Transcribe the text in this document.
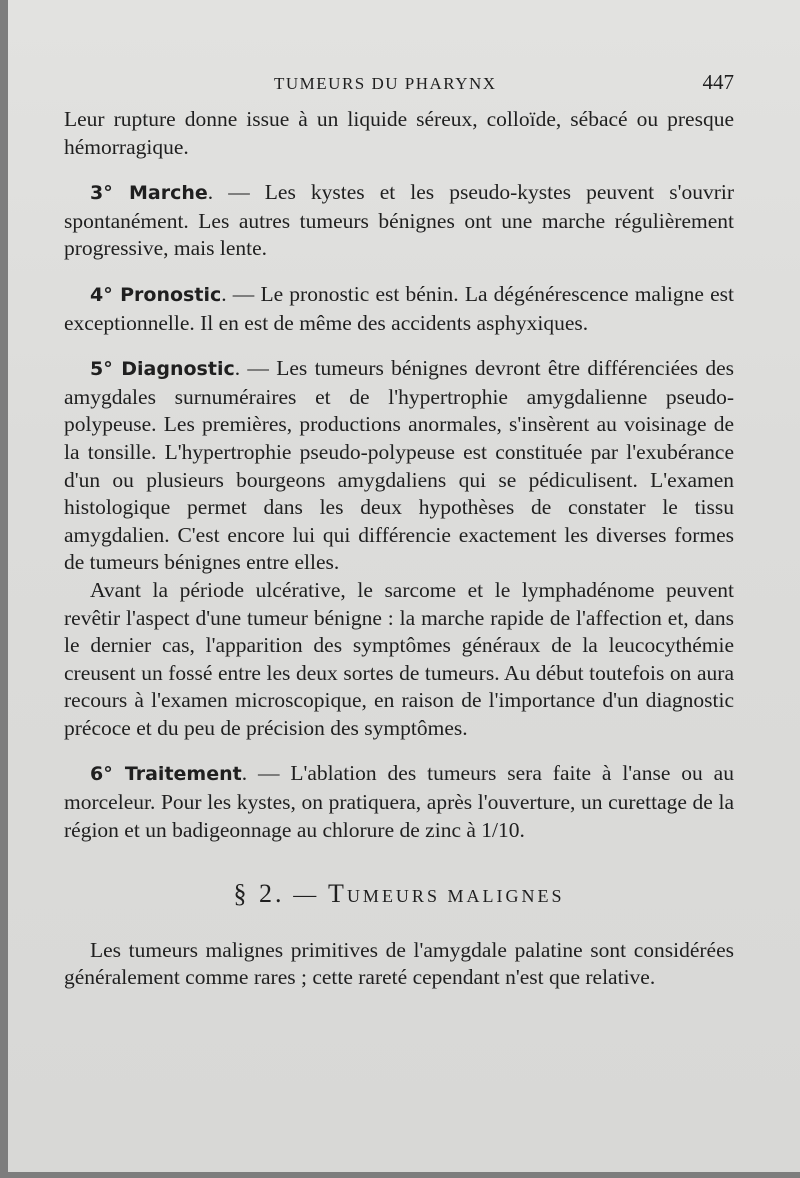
TUMEURS DU PHARYNX	447

Leur rupture donne issue à un liquide séreux, colloïde, sébacé ou presque hémorragique.

3° Marche. — Les kystes et les pseudo-kystes peuvent s'ouvrir spontanément. Les autres tumeurs bénignes ont une marche régulièrement progressive, mais lente.

4° Pronostic. — Le pronostic est bénin. La dégénérescence maligne est exceptionnelle. Il en est de même des accidents asphyxiques.

5° Diagnostic. — Les tumeurs bénignes devront être différenciées des amygdales surnuméraires et de l'hypertrophie amygdalienne pseudo-polypeuse. Les premières, productions anormales, s'insèrent au voisinage de la tonsille. L'hypertrophie pseudo-polypeuse est constituée par l'exubérance d'un ou plusieurs bourgeons amygdaliens qui se pédiculisent. L'examen histologique permet dans les deux hypothèses de constater le tissu amygdalien. C'est encore lui qui différencie exactement les diverses formes de tumeurs bénignes entre elles.

Avant la période ulcérative, le sarcome et le lymphadénome peuvent revêtir l'aspect d'une tumeur bénigne : la marche rapide de l'affection et, dans le dernier cas, l'apparition des symptômes généraux de la leucocythémie creusent un fossé entre les deux sortes de tumeurs. Au début toutefois on aura recours à l'examen microscopique, en raison de l'importance d'un diagnostic précoce et du peu de précision des symptômes.

6° Traitement. — L'ablation des tumeurs sera faite à l'anse ou au morceleur. Pour les kystes, on pratiquera, après l'ouverture, un curettage de la région et un badigeonnage au chlorure de zinc à 1/10.

§ 2. — TUMEURS MALIGNES

Les tumeurs malignes primitives de l'amygdale palatine sont considérées généralement comme rares ; cette rareté cependant n'est que relative.
